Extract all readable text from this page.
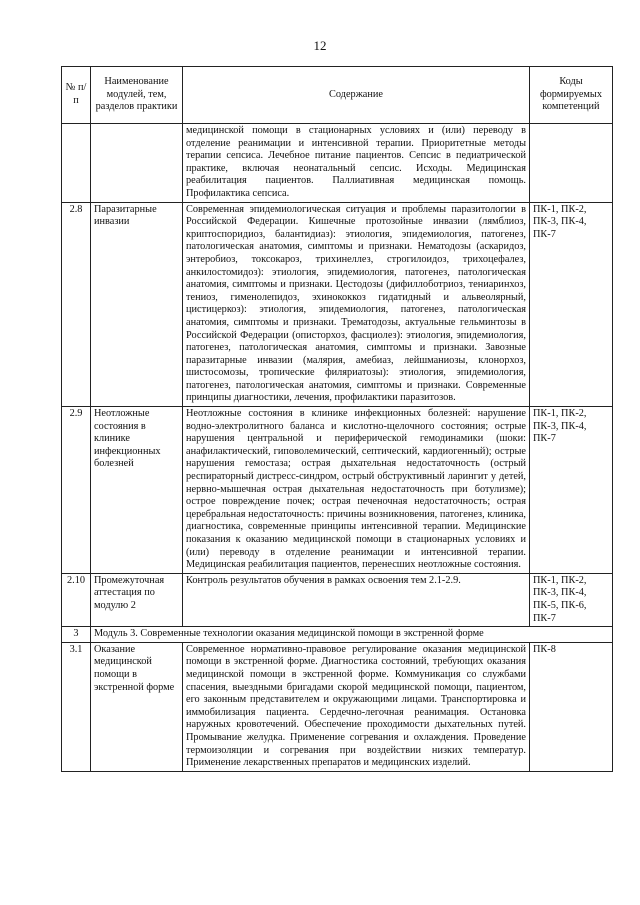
12
№ п/п	Наименование модулей, тем, разделов практики	Содержание	Коды формируемых компетенций
		медицинской помощи в стационарных условиях и (или) переводу в отделение реанимации и интенсивной терапии. Приоритетные методы терапии сепсиса. Лечебное питание пациентов. Сепсис в педиатрической практике, включая неонатальный сепсис. Исходы. Медицинская реабилитация пациентов. Паллиативная медицинская помощь. Профилактика сепсиса.	
2.8	Паразитарные инвазии	Современная эпидемиологическая ситуация и проблемы паразитологии в Российской Федерации. Кишечные протозойные инвазии (лямблиоз, криптоспоридиоз, балантидиаз): этиология, эпидемиология, патогенез, патологическая анатомия, симптомы и признаки. Нематодозы (аскаридоз, энтеробиоз, токсокароз, трихинеллез, строгилоидоз, трихоцефалез, анкилостомидоз): этиология, эпидемиология, патогенез, патологическая анатомия, симптомы и признаки. Цестодозы (дифиллоботриоз, тениаринхоз, тениоз, гименолепидоз, эхинококкоз гидатидный и альвеолярный, цистицеркоз): этиология, эпидемиология, патогенез, патологическая анатомия, симптомы и признаки. Трематодозы, актуальные гельминтозы в Российской Федерации (описторхоз, фасциолез): этиология, эпидемиология, патогенез, патологическая анатомия, симптомы и признаки. Завозные паразитарные инвазии (малярия, амебиаз, лейшманиозы, клонорхоз, шистосомозы, тропические филяриатозы): этиология, эпидемиология, патогенез, патологическая анатомия, симптомы и признаки. Современные принципы диагностики, лечения, профилактики паразитозов.	ПК-1, ПК-2, ПК-3, ПК-4, ПК-7
2.9	Неотложные состояния в клинике инфекционных болезней	Неотложные состояния в клинике инфекционных болезней: нарушение водно-электролитного баланса и кислотно-щелочного состояния; острые нарушения центральной и периферической гемодинамики (шоки: анафилактический, гиповолемический, септический, кардиогенный); острые нарушения гемостаза; острая дыхательная недостаточность (острый респираторный дистресс-синдром, острый обструктивный ларингит у детей, нервно-мышечная острая дыхательная недостаточность при ботулизме); острое повреждение почек; острая печеночная недостаточность; острая церебральная недостаточность: причины возникновения, патогенез, клиника, диагностика, современные принципы интенсивной терапии. Медицинские показания к оказанию медицинской помощи в стационарных условиях и (или) переводу в отделение реанимации и интенсивной терапии. Медицинская реабилитация пациентов, перенесших неотложные состояния.	ПК-1, ПК-2, ПК-3, ПК-4, ПК-7
2.10	Промежуточная аттестация по модулю 2	Контроль результатов обучения в рамках освоения тем 2.1-2.9.	ПК-1, ПК-2, ПК-3, ПК-4, ПК-5, ПК-6, ПК-7
3	Модуль 3. Современные технологии оказания медицинской помощи в экстренной форме		
3.1	Оказание медицинской помощи в экстренной форме	Современное нормативно-правовое регулирование оказания медицинской помощи в экстренной форме. Диагностика состояний, требующих оказания медицинской помощи в экстренной форме. Коммуникация со службами спасения, выездными бригадами скорой медицинской помощи, пациентом, его законным представителем и окружающими лицами. Транспортировка и иммобилизация пациента. Сердечно-легочная реанимация. Остановка наружных кровотечений. Обеспечение проходимости дыхательных путей. Промывание желудка. Применение согревания и охлаждения. Проведение термоизоляции и согревания при воздействии низких температур. Применение лекарственных препаратов и медицинских изделий.	ПК-8
